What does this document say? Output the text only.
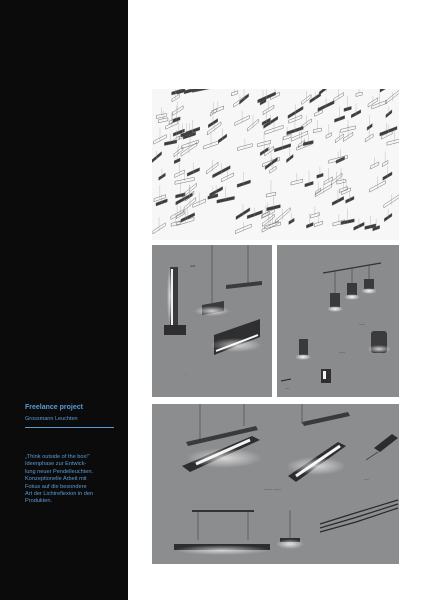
Freelance project
Grossmann Leuchten
„Think outside of the box!“
Ideenphase zur Entwick-
lung neuer Pendelleuchten.
Konzeptionelle Arbeit mit
Fokus auf die besondere
Art der Lichtreflexion in den
Produkten.
...
notiz
~~~~
~~~~
~~~
~~~~~ ~~~~~
~~~
